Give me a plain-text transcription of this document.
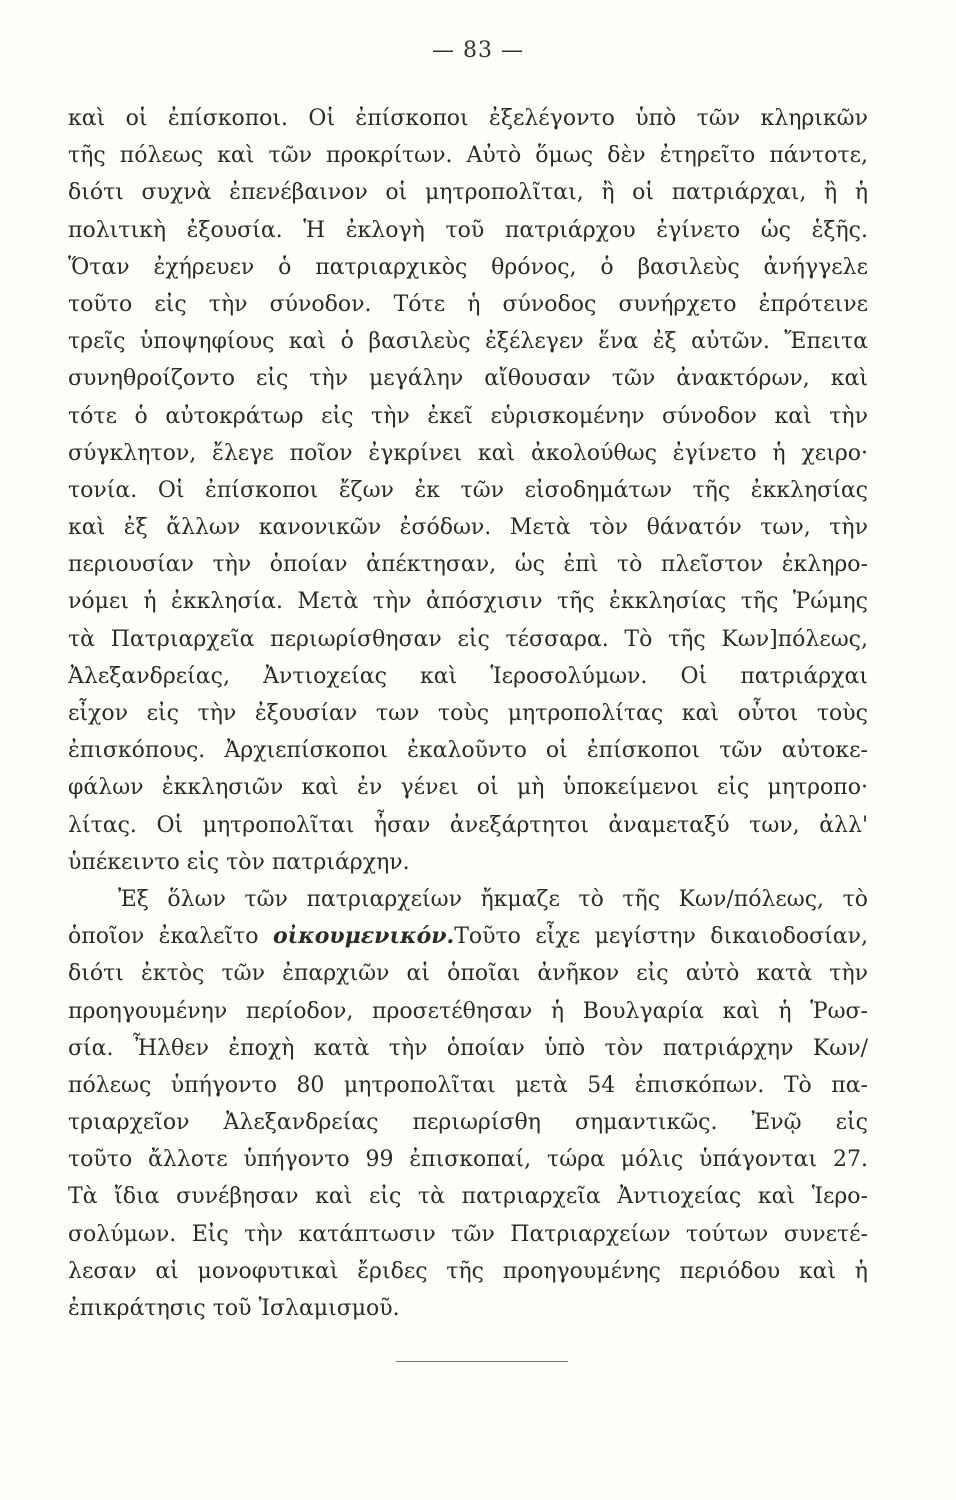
— 83 —
καὶ οἱ ἐπίσκοποι. Οἱ ἐπίσκοποι ἐξελέγοντο ὑπὸ τῶν κληρικῶν
τῆς πόλεως καὶ τῶν προκρίτων. Αὐτὸ ὅμως δὲν ἐτηρεῖτο πάντοτε,
διότι συχνὰ ἐπενέβαινον οἱ μητροπολῖται, ἢ οἱ πατριάρχαι, ἢ ἡ
πολιτικὴ ἐξουσία. Ἡ ἐκλογὴ τοῦ πατριάρχου ἐγίνετο ὡς ἑξῆς.
Ὅταν ἐχήρευεν ὁ πατριαρχικὸς θρόνος, ὁ βασιλεὺς ἀνήγγελε
τοῦτο εἰς τὴν σύνοδον. Τότε ἡ σύνοδος συνήρχετο ἐπρότεινε
τρεῖς ὑποψηφίους καὶ ὁ βασιλεὺς ἐξέλεγεν ἕνα ἐξ αὐτῶν. Ἔπειτα
συνηθροίζοντο εἰς τὴν μεγάλην αἴθουσαν τῶν ἀνακτόρων, καὶ
τότε ὁ αὐτοκράτωρ εἰς τὴν ἐκεῖ εὑρισκομένην σύνοδον καὶ τὴν
σύγκλητον, ἔλεγε ποῖον ἐγκρίνει καὶ ἀκολούθως ἐγίνετο ἡ χειρο·
τονία. Οἱ ἐπίσκοποι ἔζων ἐκ τῶν εἰσοδημάτων τῆς ἐκκλησίας
καὶ ἐξ ἄλλων κανονικῶν ἐσόδων. Μετὰ τὸν θάνατόν των, τὴν
περιουσίαν τὴν ὁποίαν ἀπέκτησαν, ὡς ἐπὶ τὸ πλεῖστον ἐκληρο-
νόμει ἡ ἐκκλησία. Μετὰ τὴν ἀπόσχισιν τῆς ἐκκλησίας τῆς Ῥώμης
τὰ Πατριαρχεῖα περιωρίσθησαν εἰς τέσσαρα. Τὸ τῆς Κων]πόλεως,
Ἀλεξανδρείας, Ἀντιοχείας καὶ Ἱεροσολύμων. Οἱ πατριάρχαι
εἶχον εἰς τὴν ἐξουσίαν των τοὺς μητροπολίτας καὶ οὗτοι τοὺς
ἐπισκόπους. Ἀρχιεπίσκοποι ἐκαλοῦντο οἱ ἐπίσκοποι τῶν αὐτοκε-
φάλων ἐκκλησιῶν καὶ ἐν γένει οἱ μὴ ὑποκείμενοι εἰς μητροπο·
λίτας. Οἱ μητροπολῖται ἦσαν ἀνεξάρτητοι ἀναμεταξύ των, ἀλλ'
ὑπέκειντο εἰς τὸν πατριάρχην.
Ἐξ ὅλων τῶν πατριαρχείων ἤκμαζε τὸ τῆς Κων/πόλεως, τὸ
ὁποῖον ἐκαλεῖτο οἰκουμενικόν.Τοῦτο εἶχε μεγίστην δικαιοδοσίαν,
διότι ἐκτὸς τῶν ἐπαρχιῶν αἱ ὁποῖαι ἀνῆκον εἰς αὐτὸ κατὰ τὴν
προηγουμένην περίοδον, προσετέθησαν ἡ Βουλγαρία καὶ ἡ Ῥωσ-
σία. Ἦλθεν ἐποχὴ κατὰ τὴν ὁποίαν ὑπὸ τὸν πατριάρχην Κων/
πόλεως ὑπήγοντο 80 μητροπολῖται μετὰ 54 ἐπισκόπων. Τὸ πα-
τριαρχεῖον Ἀλεξανδρείας περιωρίσθη σημαντικῶς. Ἐνῷ εἰς
τοῦτο ἄλλοτε ὑπήγοντο 99 ἐπισκοπαί, τώρα μόλις ὑπάγονται 27.
Τὰ ἴδια συνέβησαν καὶ εἰς τὰ πατριαρχεῖα Ἀντιοχείας καὶ Ἱερο-
σολύμων. Εἰς τὴν κατάπτωσιν τῶν Πατριαρχείων τούτων συνετέ-
λεσαν αἱ μονοφυτικαὶ ἔριδες τῆς προηγουμένης περιόδου καὶ ἡ
ἐπικράτησις τοῦ Ἰσλαμισμοῦ.
